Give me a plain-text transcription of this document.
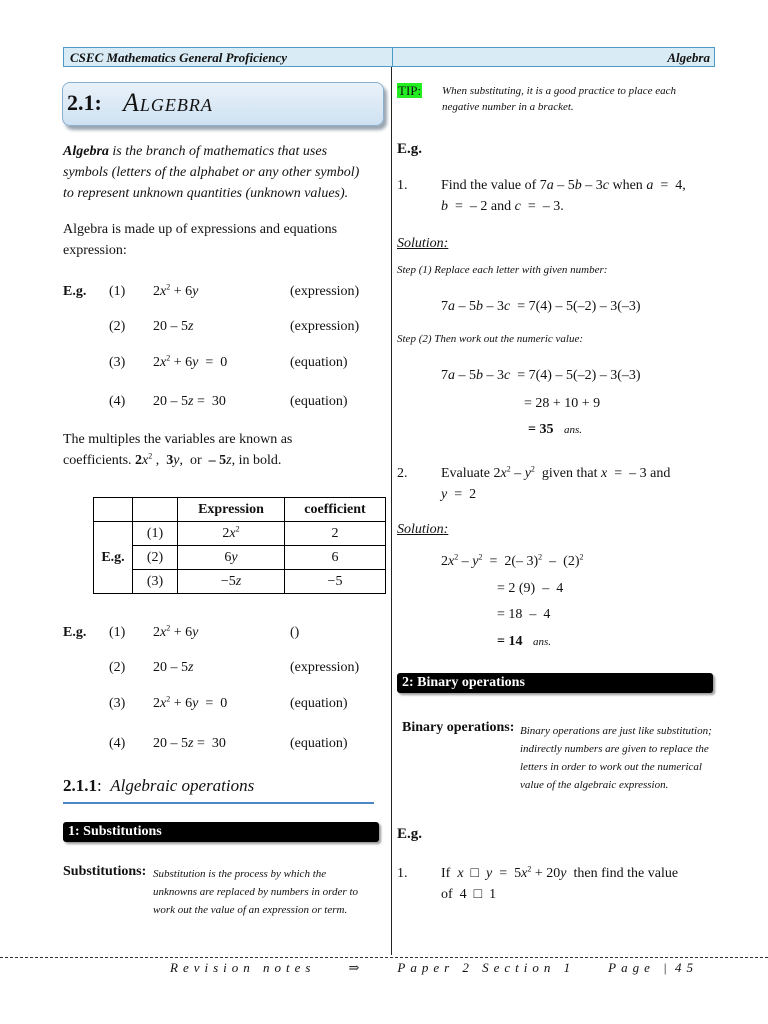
CSEC Mathematics General Proficiency	Algebra
2.1: Algebra
Algebra is the branch of mathematics that uses symbols (letters of the alphabet or any other symbol) to represent unknown quantities (unknown values).
Algebra is made up of expressions and equations expression:
E.g. (1) $2x^2 + 6y$	(expression)
(2) 20 – 5z	(expression)
(3) $2x^2 + 6y = 0$	(equation)
(4) 20 – 5z =  30	(equation)
The multiples the variables are known as coefficients. $2x^2$ ,  3y,  or  – 5z, in bold.
		Expression	coefficient
E.g.	(1)	$2x^2$	2
	(2)	6y	6
	(3)	−5z	−5
E.g. (1) $2x^2 + 6y$	()
(2) 20 – 5z	(expression)
(3) $2x^2 + 6y = 0$	(equation)
(4) 20 – 5z =  30	(equation)
2.1.1:  Algebraic operations
1: Substitutions
Substitutions: Substitution is the process by which the unknowns are replaced by numbers in order to work out the value of an expression or term.
TIP: When substituting, it is a good practice to place each negative number in a bracket.
E.g.
1. Find the value of 7a – 5b – 3c when a  =  4,
b  =  – 2 and c  =  – 3.
Solution:
Step (1) Replace each letter with given number:
7a – 5b – 3c  = 7(4) – 5(–2) – 3(–3)
Step (2) Then work out the numeric value:
7a – 5b – 3c  = 7(4) – 5(–2) – 3(–3)
= 28 + 10 + 9
= 35 ans.
2. Evaluate $2x^2 - y^2$  given that x  =  – 3 and
y  =  2
Solution:
$2x^2 - y^2 = 2(-$ $3)^2 - (2)^2$
= 2 (9)  –  4
= 18  –  4
= 14 ans.
2: Binary operations
Binary operations: Binary operations are just like substitution; indirectly numbers are given to replace the letters in order to work out the numerical value of the algebraic expression.
E.g.
1. If  x  □  $y = 5x^2 + 20y$  then find the value
of  4  □  1
Revision notes	⇒	Paper 2 Section 1	Page | 45
